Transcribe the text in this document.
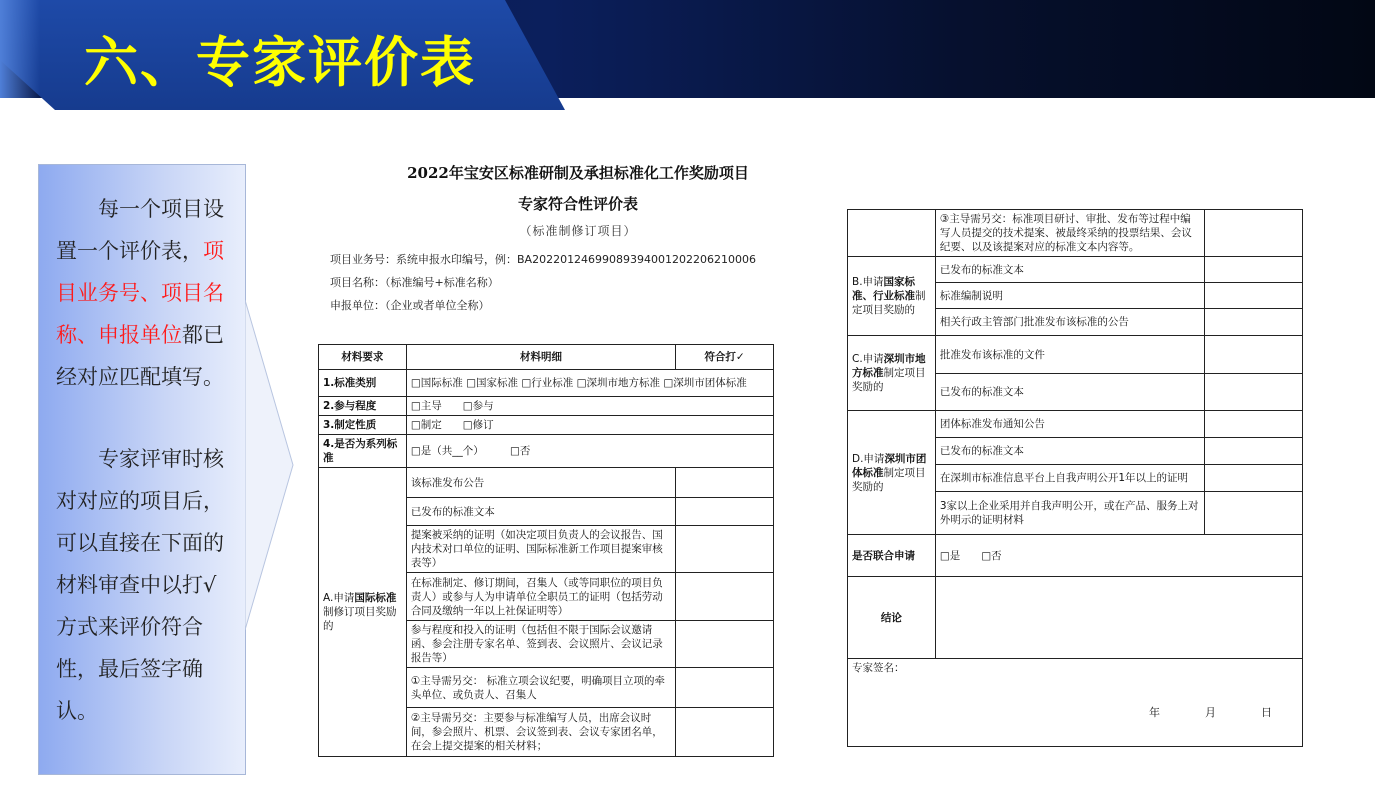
六、专家评价表

每一个项目设置一个评价表，项目业务号、项目名称、申报单位都已经对应匹配填写。

专家评审时核对对应的项目后，可以直接在下面的材料审查中以打√方式来评价符合性，最后签字确认。

2022年宝安区标准研制及承担标准化工作奖励项目
专家符合性评价表
（标准制修订项目）
项目业务号：系统申报水印编号，例：BA20220124699089394001202206210006
项目名称：（标准编号+标准名称）
申报单位：（企业或者单位全称）
材料要求	材料明细	符合打✓
1.标准类别	□国际标准 □国家标准 □行业标准 □深圳市地方标准 □深圳市团体标准	
2.参与程度	□主导　　□参与	
3.制定性质	□制定　　□修订	
4.是否为系列标准	□是（共__个）　　　□否	
A.申请国际标准制修订项目奖励的	该标准发布公告	
	已发布的标准文本	
	提案被采纳的证明（如决定项目负责人的会议报告、国内技术对口单位的证明、国际标准新工作项目提案审核表等）	
	在标准制定、修订期间，召集人（或等同职位的项目负责人）或参与人为申请单位全职员工的证明（包括劳动合同及缴纳一年以上社保证明等）	
	参与程度和投入的证明（包括但不限于国际会议邀请函、参会注册专家名单、签到表、会议照片、会议记录报告等）	
	①主导需另交： 标准立项会议纪要，明确项目立项的牵头单位、或负责人、召集人	
	②主导需另交：主要参与标准编写人员，出席会议时间，参会照片、机票、会议签到表、会议专家团名单，在会上提交提案的相关材料；	
	③主导需另交：标准项目研讨、审批、发布等过程中编写人员提交的技术提案、被最终采纳的投票结果、会议纪要、以及该提案对应的标准文本内容等。	
B.申请国家标准、行业标准制定项目奖励的	已发布的标准文本	
	标准编制说明	
	相关行政主管部门批准发布该标准的公告	
C.申请深圳市地方标准制定项目奖励的	批准发布该标准的文件	
	已发布的标准文本	
D.申请深圳市团体标准制定项目奖励的	团体标准发布通知公告	
	已发布的标准文本	
	在深圳市标准信息平台上自我声明公开1年以上的证明	
	3家以上企业采用并自我声明公开，或在产品、服务上对外明示的证明材料	
是否联合申请	□是　　□否	
结论		

专家签名：
年 月 日		
